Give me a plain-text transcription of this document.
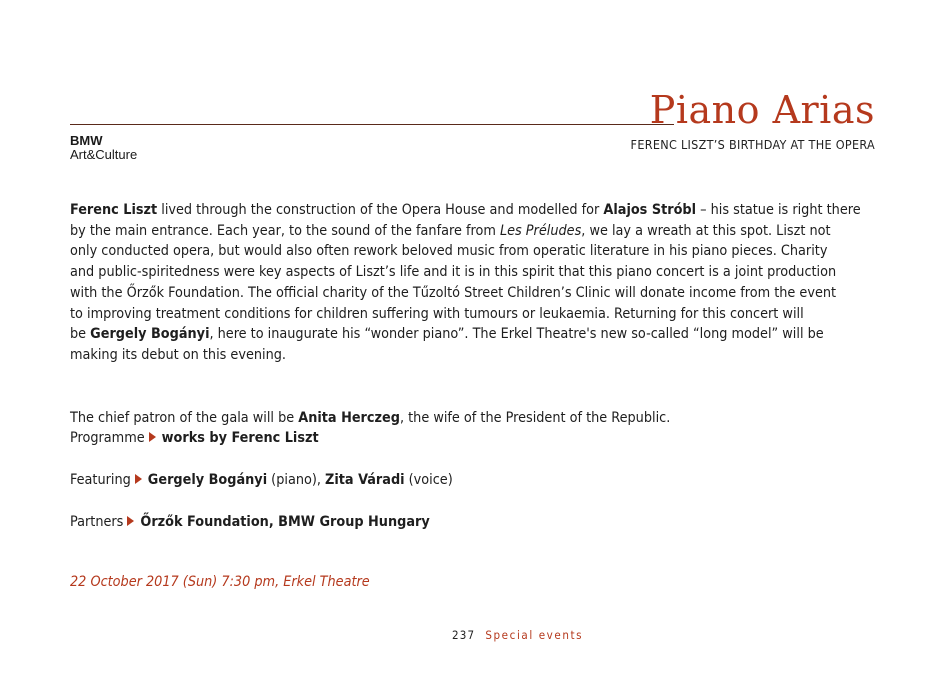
Piano Arias
FERENC LISZT’S BIRTHDAY AT THE OPERA
BMW
Art&Culture
Ferenc Liszt lived through the construction of the Opera House and modelled for Alajos Stróbl – his statue is right there
by the main entrance. Each year, to the sound of the fanfare from Les Préludes, we lay a wreath at this spot. Liszt not
only conducted opera, but would also often rework beloved music from operatic literature in his piano pieces. Charity
and public-spiritedness were key aspects of Liszt’s life and it is in this spirit that this piano concert is a joint production
with the Őrzők Foundation. The official charity of the Tűzoltó Street Children’s Clinic will donate income from the event
to improving treatment conditions for children suffering with tumours or leukaemia. Returning for this concert will
be Gergely Bogányi, here to inaugurate his “wonder piano”. The Erkel Theatre's new so-called “long model” will be
making its debut on this evening.
The chief patron of the gala will be Anita Herczeg, the wife of the President of the Republic.
Programme works by Ferenc Liszt
Featuring Gergely Bogányi (piano), Zita Váradi (voice)
Partners Őrzők Foundation, BMW Group Hungary
22 October 2017 (Sun) 7:30 pm, Erkel Theatre
237 Special events
